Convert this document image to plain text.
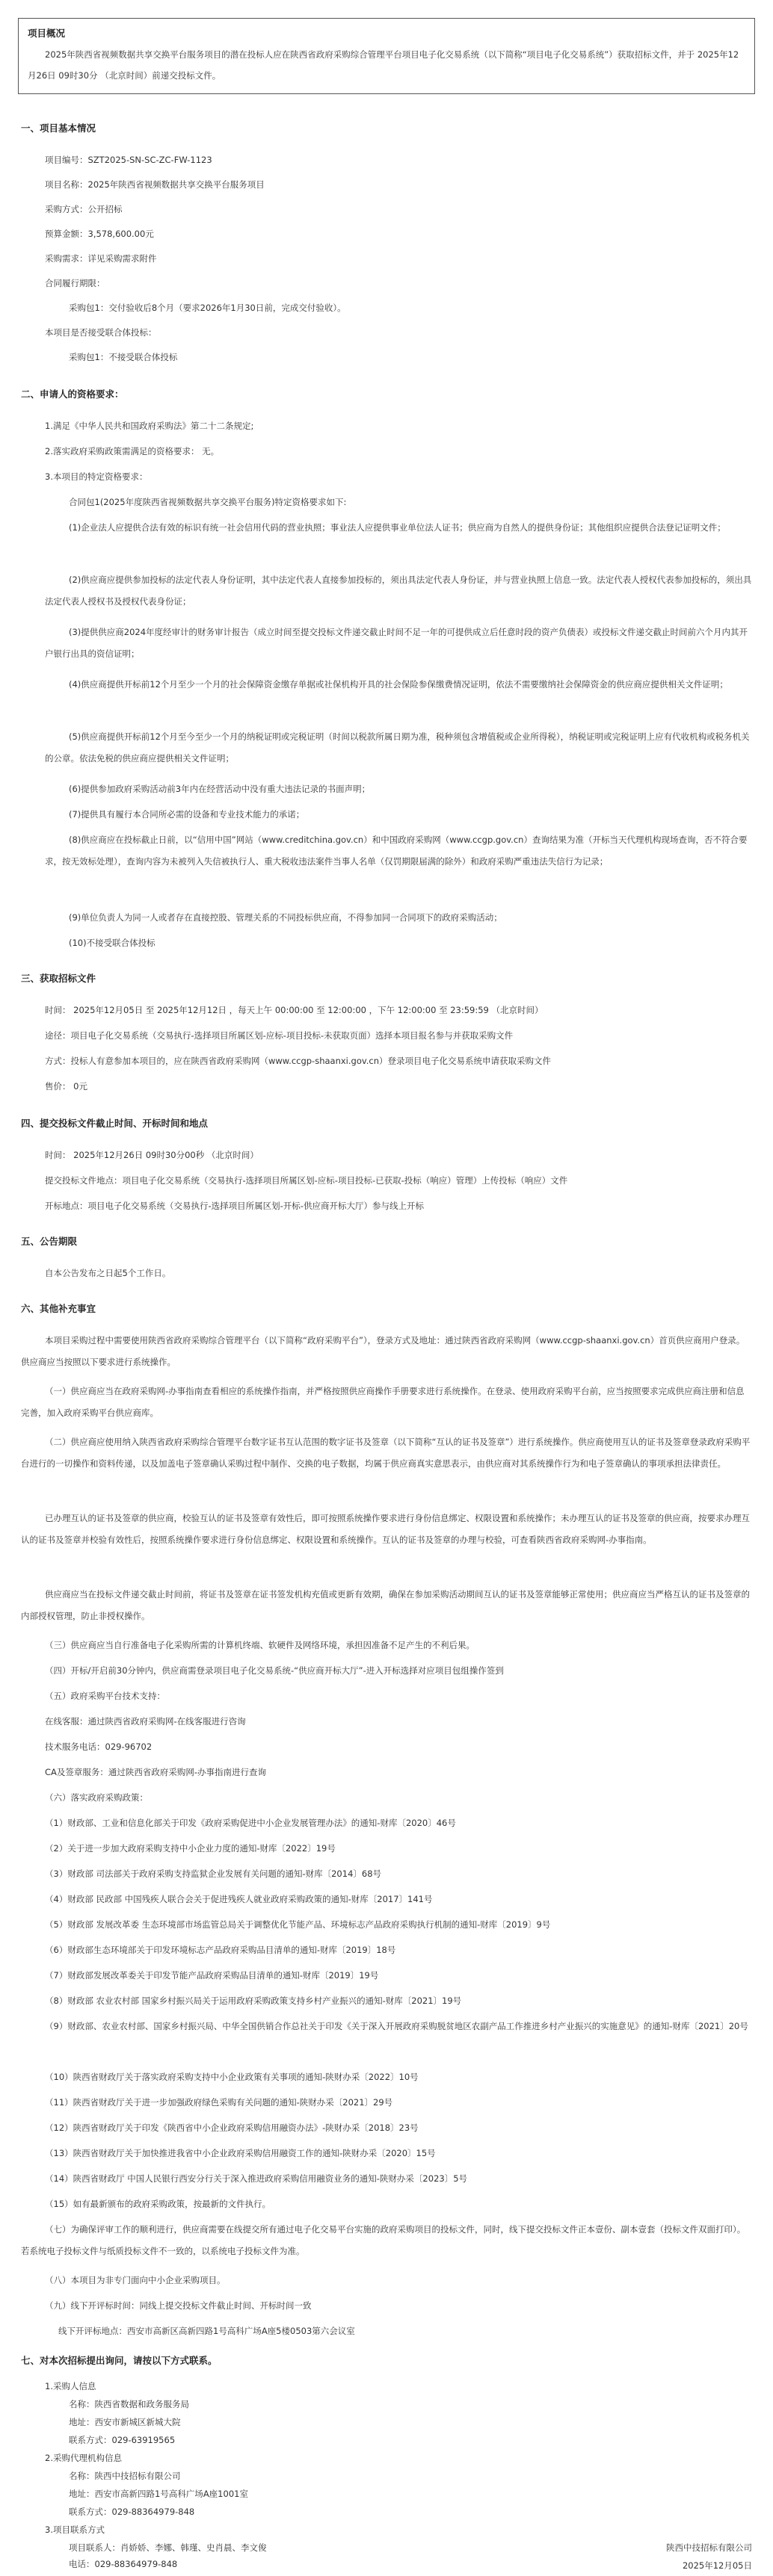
项目概况
2025年陕西省视频数据共享交换平台服务项目的潜在投标人应在陕西省政府采购综合管理平台项目电子化交易系统（以下简称“项目电子化交易系统”）获取招标文件，并于 2025年12月26日 09时30分 （北京时间）前递交投标文件。
一、项目基本情况
项目编号：SZT2025-SN-SC-ZC-FW-1123
项目名称：2025年陕西省视频数据共享交换平台服务项目
采购方式：公开招标
预算金额：3,578,600.00元
采购需求：详见采购需求附件
合同履行期限：
采购包1：交付验收后8个月（要求2026年1月30日前，完成交付验收）。
本项目是否接受联合体投标：
采购包1：不接受联合体投标
二、申请人的资格要求：
1.满足《中华人民共和国政府采购法》第二十二条规定;
2.落实政府采购政策需满足的资格要求： 无。
3.本项目的特定资格要求：
合同包1(2025年度陕西省视频数据共享交换平台服务)特定资格要求如下:
(1)企业法人应提供合法有效的标识有统一社会信用代码的营业执照；事业法人应提供事业单位法人证书；供应商为自然人的提供身份证；其他组织应提供合法登记证明文件；
(2)供应商应提供参加投标的法定代表人身份证明，其中法定代表人直接参加投标的，须出具法定代表人身份证，并与营业执照上信息一致。法定代表人授权代表参加投标的，须出具法定代表人授权书及授权代表身份证；
(3)提供供应商2024年度经审计的财务审计报告（成立时间至提交投标文件递交截止时间不足一年的可提供成立后任意时段的资产负债表）或投标文件递交截止时间前六个月内其开户银行出具的资信证明；
(4)供应商提供开标前12个月至少一个月的社会保障资金缴存单据或社保机构开具的社会保险参保缴费情况证明，依法不需要缴纳社会保障资金的供应商应提供相关文件证明；
(5)供应商提供开标前12个月至今至少一个月的纳税证明或完税证明（时间以税款所属日期为准，税种须包含增值税或企业所得税），纳税证明或完税证明上应有代收机构或税务机关的公章。依法免税的供应商应提供相关文件证明；
(6)提供参加政府采购活动前3年内在经营活动中没有重大违法记录的书面声明；
(7)提供具有履行本合同所必需的设备和专业技术能力的承诺；
(8)供应商应在投标截止日前，以“信用中国”网站（www.creditchina.gov.cn）和中国政府采购网（www.ccgp.gov.cn）查询结果为准（开标当天代理机构现场查询，否不符合要求，按无效标处理），查询内容为未被列入失信被执行人、重大税收违法案件当事人名单（仅罚期限届满的除外）和政府采购严重违法失信行为记录；
(9)单位负责人为同一人或者存在直接控股、管理关系的不同投标供应商，不得参加同一合同项下的政府采购活动；
(10)不接受联合体投标
三、获取招标文件
时间： 2025年12月05日 至 2025年12月12日 ，每天上午 00:00:00 至 12:00:00 ，下午 12:00:00 至 23:59:59 （北京时间）
途径：项目电子化交易系统（交易执行-选择项目所属区划-应标-项目投标-未获取页面）选择本项目报名参与并获取采购文件
方式：投标人有意参加本项目的，应在陕西省政府采购网（www.ccgp-shaanxi.gov.cn）登录项目电子化交易系统申请获取采购文件
售价： 0元
四、提交投标文件截止时间、开标时间和地点
时间： 2025年12月26日 09时30分00秒 （北京时间）
提交投标文件地点：项目电子化交易系统（交易执行-选择项目所属区划-应标-项目投标-已获取-投标（响应）管理）上传投标（响应）文件
开标地点：项目电子化交易系统（交易执行-选择项目所属区划-开标-供应商开标大厅）参与线上开标
五、公告期限
自本公告发布之日起5个工作日。
六、其他补充事宜
本项目采购过程中需要使用陕西省政府采购综合管理平台（以下简称“政府采购平台”），登录方式及地址：通过陕西省政府采购网（www.ccgp-shaanxi.gov.cn）首页供应商用户登录。供应商应当按照以下要求进行系统操作。
（一）供应商应当在政府采购网-办事指南查看相应的系统操作指南，并严格按照供应商操作手册要求进行系统操作。在登录、使用政府采购平台前，应当按照要求完成供应商注册和信息完善，加入政府采购平台供应商库。
（二）供应商应使用纳入陕西省政府采购综合管理平台数字证书互认范围的数字证书及签章（以下简称“互认的证书及签章”）进行系统操作。供应商使用互认的证书及签章登录政府采购平台进行的一切操作和资料传递，以及加盖电子签章确认采购过程中制作、交换的电子数据，均属于供应商真实意思表示，由供应商对其系统操作行为和电子签章确认的事项承担法律责任。
已办理互认的证书及签章的供应商，校验互认的证书及签章有效性后，即可按照系统操作要求进行身份信息绑定、权限设置和系统操作；未办理互认的证书及签章的供应商，按要求办理互认的证书及签章并校验有效性后，按照系统操作要求进行身份信息绑定、权限设置和系统操作。互认的证书及签章的办理与校验，可查看陕西省政府采购网-办事指南。
供应商应当在投标文件递交截止时间前，将证书及签章在证书签发机构充值或更新有效期，确保在参加采购活动期间互认的证书及签章能够正常使用；供应商应当严格互认的证书及签章的内部授权管理，防止非授权操作。
（三）供应商应当自行准备电子化采购所需的计算机终端、软硬件及网络环境，承担因准备不足产生的不利后果。
（四）开标/开启前30分钟内，供应商需登录项目电子化交易系统-“供应商开标大厅”-进入开标选择对应项目包组操作签到
（五）政府采购平台技术支持：
在线客服：通过陕西省政府采购网-在线客服进行咨询
技术服务电话：029-96702
CA及签章服务：通过陕西省政府采购网-办事指南进行查询
（六）落实政府采购政策：
（1）财政部、工业和信息化部关于印发《政府采购促进中小企业发展管理办法》的通知-财库〔2020〕46号
（2）关于进一步加大政府采购支持中小企业力度的通知-财库〔2022〕19号
（3）财政部 司法部关于政府采购支持监狱企业发展有关问题的通知-财库〔2014〕68号
（4）财政部 民政部 中国残疾人联合会关于促进残疾人就业政府采购政策的通知-财库〔2017〕141号
（5）财政部 发展改革委 生态环境部市场监管总局关于调整优化节能产品、环境标志产品政府采购执行机制的通知-财库〔2019〕9号
（6）财政部生态环境部关于印发环境标志产品政府采购品目清单的通知-财库〔2019〕18号
（7）财政部发展改革委关于印发节能产品政府采购品目清单的通知-财库〔2019〕19号
（8）财政部 农业农村部 国家乡村振兴局关于运用政府采购政策支持乡村产业振兴的通知-财库〔2021〕19号
（9）财政部、农业农村部、国家乡村振兴局、中华全国供销合作总社关于印发《关于深入开展政府采购脱贫地区农副产品工作推进乡村产业振兴的实施意见》的通知-财库〔2021〕20号
（10）陕西省财政厅关于落实政府采购支持中小企业政策有关事项的通知-陕财办采〔2022〕10号
（11）陕西省财政厅关于进一步加强政府绿色采购有关问题的通知-陕财办采〔2021〕29号
（12）陕西省财政厅关于印发《陕西省中小企业政府采购信用融资办法》-陕财办采〔2018〕23号
（13）陕西省财政厅关于加快推进我省中小企业政府采购信用融资工作的通知-陕财办采〔2020〕15号
（14）陕西省财政厅 中国人民银行西安分行关于深入推进政府采购信用融资业务的通知-陕财办采〔2023〕5号
（15）如有最新颁布的政府采购政策，按最新的文件执行。
（七）为确保评审工作的顺利进行，供应商需要在线提交所有通过电子化交易平台实施的政府采购项目的投标文件，同时，线下提交投标文件正本壹份、副本壹套（投标文件双面打印）。若系统电子投标文件与纸质投标文件不一致的，以系统电子投标文件为准。
（八）本项目为非专门面向中小企业采购项目。
（九）线下开评标时间：同线上提交投标文件截止时间、开标时间一致
线下开评标地点：西安市高新区高新四路1号高科广场A座5楼0503第六会议室
七、对本次招标提出询问，请按以下方式联系。
1.采购人信息
名称：陕西省数据和政务服务局
地址：西安市新城区新城大院
联系方式：029-63919565
2.采购代理机构信息
名称：陕西中技招标有限公司
地址：西安市高新四路1号高科广场A座1001室
联系方式：029-88364979-848
3.项目联系方式
项目联系人：肖娇娇、李娜、韩瑾、史肖晨、李文俊
电话：029-88364979-848
陕西中技招标有限公司
2025年12月05日
